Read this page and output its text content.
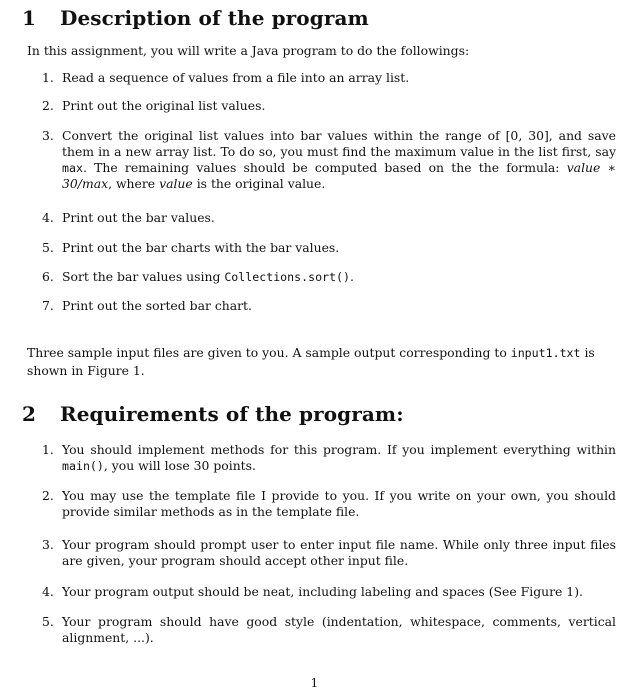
1 Description of the program

In this assignment, you will write a Java program to do the followings:

1. Read a sequence of values from a file into an array list.
2. Print out the original list values.
3. Convert the original list values into bar values within the range of [0, 30], and save them in a new array list. To do so, you must find the maximum value in the list first, say max. The remaining values should be computed based on the the formula: value ∗ 30/max, where value is the original value.
4. Print out the bar values.
5. Print out the bar charts with the bar values.
6. Sort the bar values using Collections.sort().
7. Print out the sorted bar chart.

Three sample input files are given to you. A sample output corresponding to input1.txt is shown in Figure 1.

2 Requirements of the program:
1. You should implement methods for this program. If you implement everything within main(), you will lose 30 points.
2. You may use the template file I provide to you. If you write on your own, you should provide similar methods as in the template file.
3. Your program should prompt user to enter input file name. While only three input files are given, your program should accept other input file.
4. Your program output should be neat, including labeling and spaces (See Figure 1).
5. Your program should have good style (indentation, whitespace, comments, vertical alignment, ...).
1
